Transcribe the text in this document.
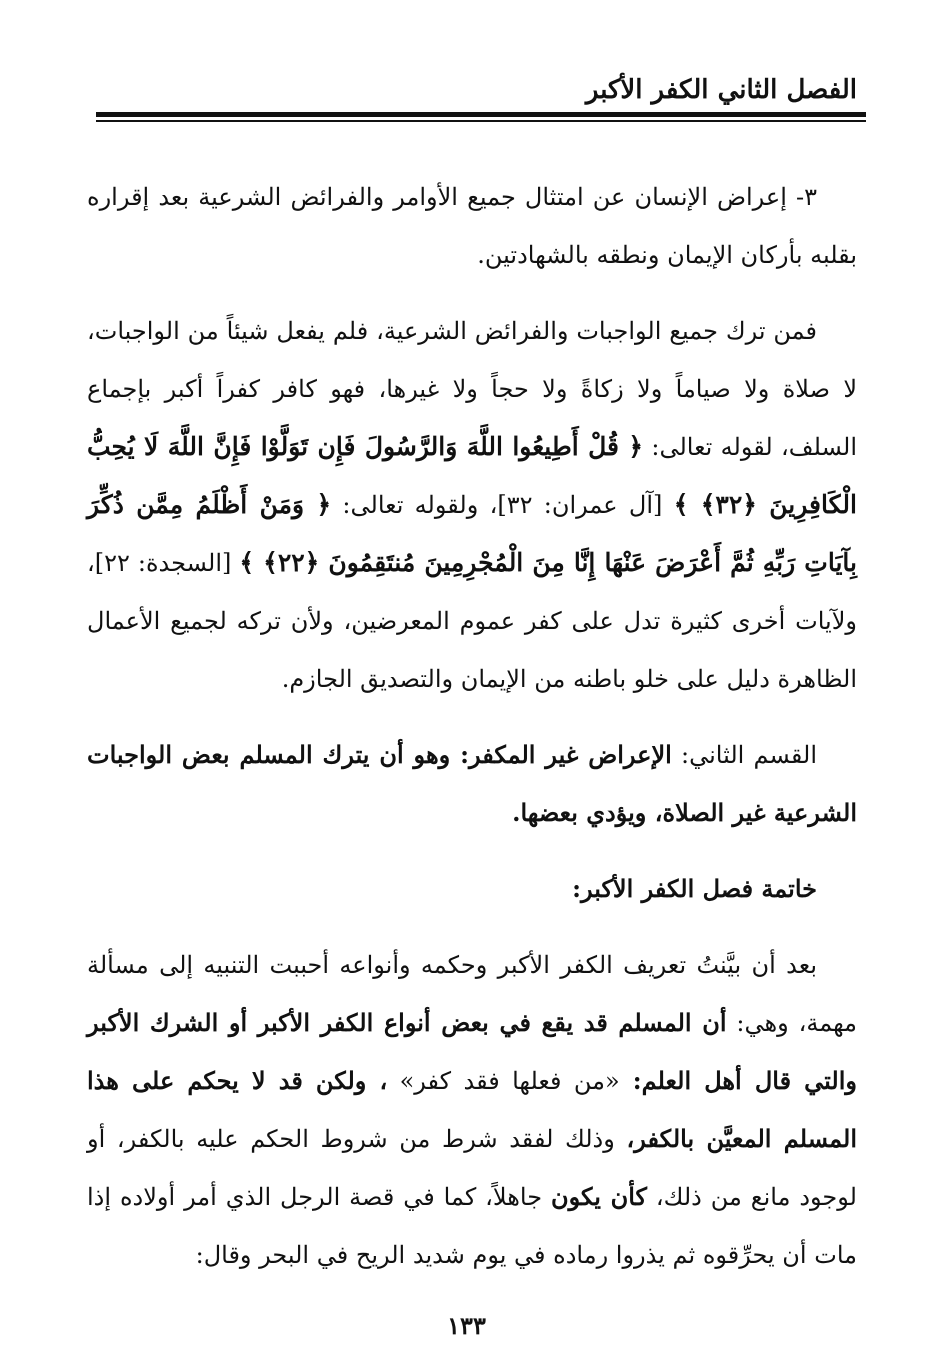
الفصل الثاني الكفر الأكبر

٣- إعراض الإنسان عن امتثال جميع الأوامر والفرائض الشرعية بعد إقراره بقلبه بأركان الإيمان ونطقه بالشهادتين.

فمن ترك جميع الواجبات والفرائض الشرعية، فلم يفعل شيئاً من الواجبات، لا صلاة ولا صياماً ولا زكاةً ولا حجاً ولا غيرها، فهو كافر كفراً أكبر بإجماع السلف، لقوله تعالى: ﴿ قُلْ أَطِيعُوا اللَّهَ وَالرَّسُولَ فَإِن تَوَلَّوْا فَإِنَّ اللَّهَ لَا يُحِبُّ الْكَافِرِينَ ﴿٣٢﴾ ﴾ [آل عمران: ٣٢]، ولقوله تعالى: ﴿ وَمَنْ أَظْلَمُ مِمَّن ذُكِّرَ بِآيَاتِ رَبِّهِ ثُمَّ أَعْرَضَ عَنْهَا إِنَّا مِنَ الْمُجْرِمِينَ مُنتَقِمُونَ ﴿٢٢﴾ ﴾ [السجدة: ٢٢]، ولآيات أخرى كثيرة تدل على كفر عموم المعرضين، ولأن تركه لجميع الأعمال الظاهرة دليل على خلو باطنه من الإيمان والتصديق الجازم.

القسم الثاني: الإعراض غير المكفر: وهو أن يترك المسلم بعض الواجبات الشرعية غير الصلاة، ويؤدي بعضها.

خاتمة فصل الكفر الأكبر:

بعد أن بيَّنتُ تعريف الكفر الأكبر وحكمه وأنواعه أحببت التنبيه إلى مسألة مهمة، وهي: أن المسلم قد يقع في بعض أنواع الكفر الأكبر أو الشرك الأكبر والتي قال أهل العلم: «من فعلها فقد كفر» ، ولكن قد لا يحكم على هذا المسلم المعيَّن بالكفر، وذلك لفقد شرط من شروط الحكم عليه بالكفر، أو لوجود مانع من ذلك، كأن يكون جاهلاً، كما في قصة الرجل الذي أمر أولاده إذا مات أن يحرِّقوه ثم يذروا رماده في يوم شديد الريح في البحر وقال:

١٣٣
